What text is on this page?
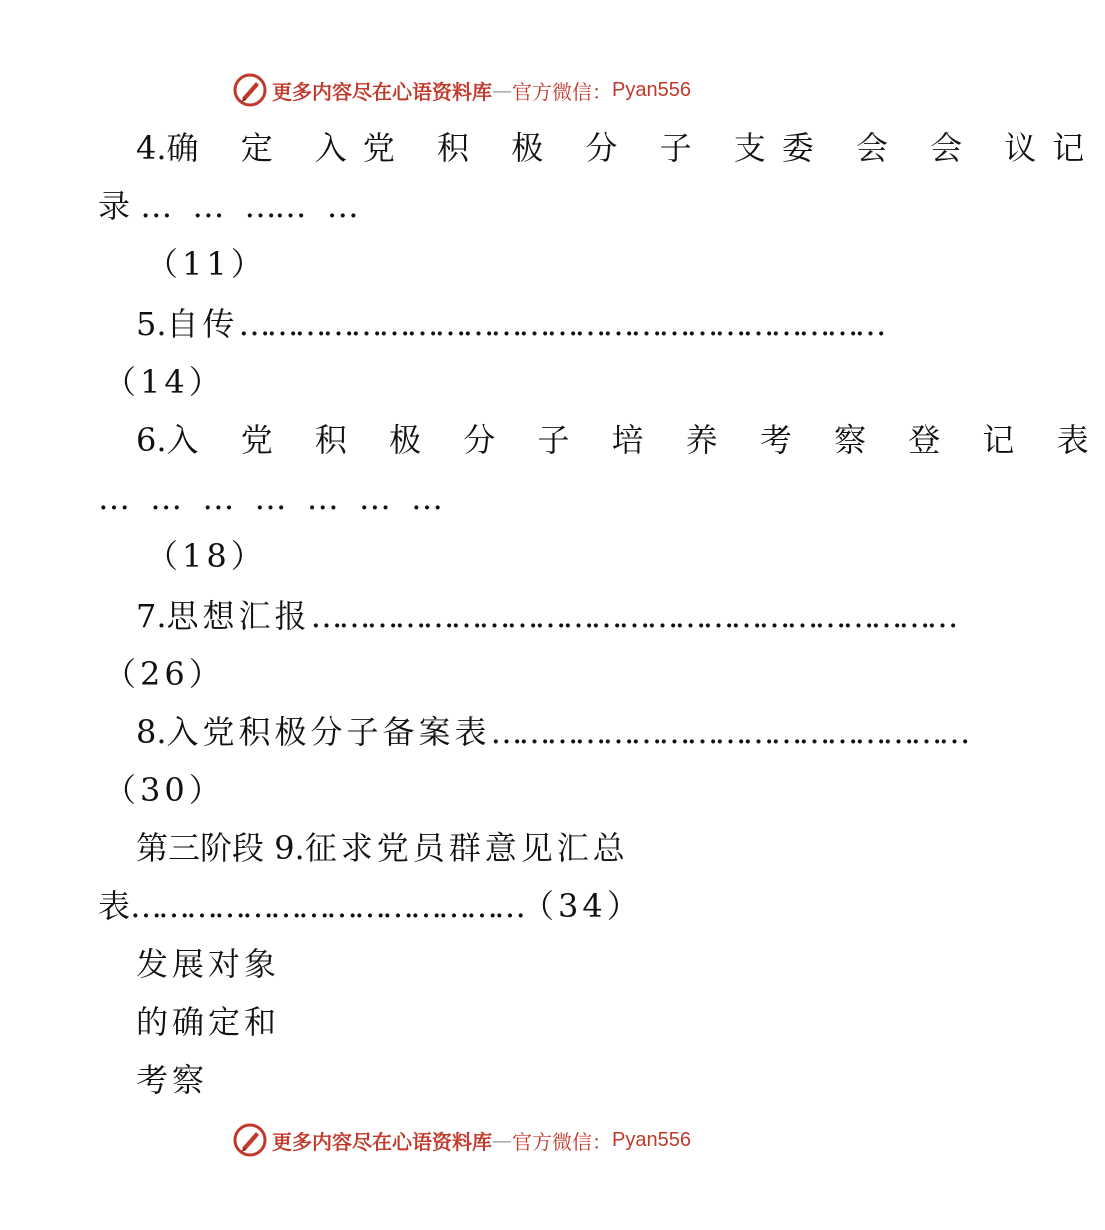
更多内容尽在心语资料库 — 官方微信： Pyan556
4.确 定 入党 积 极 分 子 支委 会 会 议记
录 … … …… …
（11）
5.自传……………………………………………………………
（14）
6.入 党 积 极 分 子 培 养 考 察 登 记 表
… … … … … … …
（18）
7.思想汇报……………………………………………………………
（26）
8.入党积极分子备案表……………………………………………
（30）
第三阶段 9.征求党员群意见汇总
表……………………………………（34）
发展对象
的确定和
考察
更多内容尽在心语资料库 — 官方微信： Pyan556
